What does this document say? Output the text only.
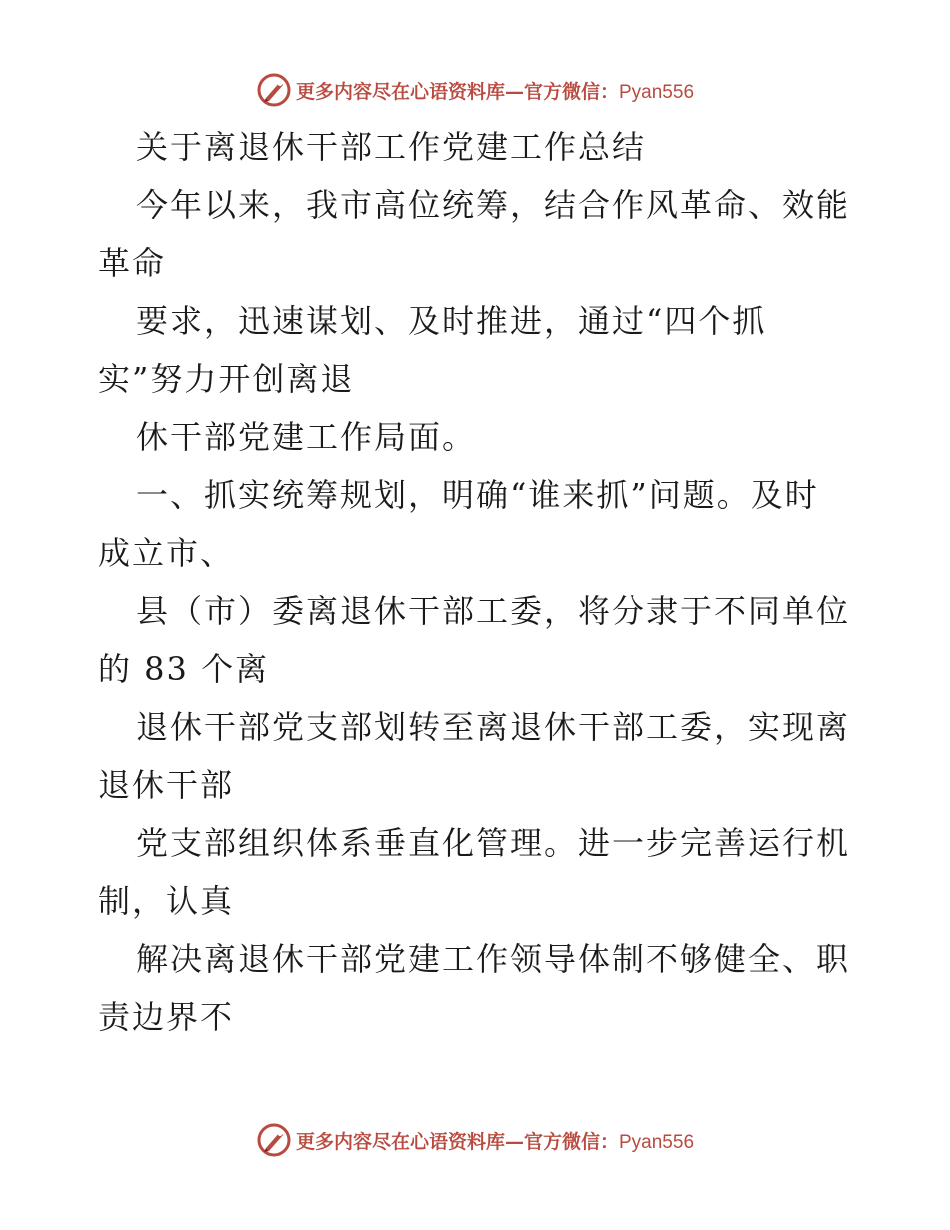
更多内容尽在心语资料库—官方微信：Pyan556
关于离退休干部工作党建工作总结
今年以来，我市高位统筹，结合作风革命、效能
革命
要求，迅速谋划、及时推进，通过“四个抓
实”努力开创离退
休干部党建工作局面。
一、抓实统筹规划，明确“谁来抓”问题。及时
成立市、
县（市）委离退休干部工委，将分隶于不同单位
的 83 个离
退休干部党支部划转至离退休干部工委，实现离
退休干部
党支部组织体系垂直化管理。进一步完善运行机
制，认真
解决离退休干部党建工作领导体制不够健全、职
责边界不
更多内容尽在心语资料库—官方微信：Pyan556
